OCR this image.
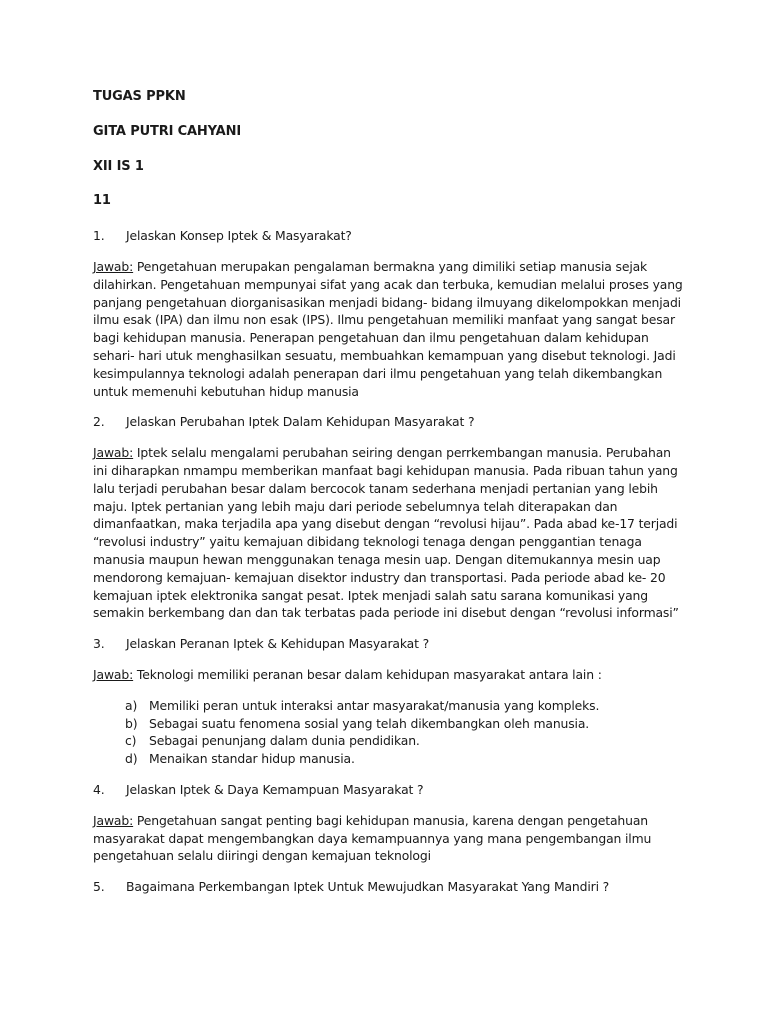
TUGAS PPKN
GITA PUTRI CAHYANI
XII IS 1
11
1.	Jelaskan Konsep Iptek & Masyarakat?
Jawab: Pengetahuan merupakan pengalaman bermakna yang dimiliki setiap manusia sejak dilahirkan. Pengetahuan mempunyai sifat yang acak dan terbuka, kemudian melalui proses yang panjang pengetahuan diorganisasikan menjadi bidang- bidang ilmuyang dikelompokkan menjadi ilmu esak (IPA) dan ilmu non esak (IPS). Ilmu pengetahuan memiliki manfaat yang sangat besar bagi kehidupan manusia. Penerapan pengetahuan dan ilmu pengetahuan dalam kehidupan sehari- hari utuk menghasilkan sesuatu, membuahkan kemampuan yang disebut teknologi. Jadi kesimpulannya teknologi adalah penerapan dari ilmu pengetahuan yang telah dikembangkan untuk memenuhi kebutuhan hidup manusia
2.	Jelaskan Perubahan Iptek Dalam Kehidupan Masyarakat ?
Jawab: Iptek selalu mengalami perubahan seiring dengan perrkembangan manusia. Perubahan ini diharapkan nmampu memberikan manfaat bagi kehidupan manusia. Pada ribuan tahun yang lalu terjadi perubahan besar dalam bercocok tanam sederhana menjadi pertanian yang lebih maju. Iptek pertanian yang lebih maju dari periode sebelumnya telah diterapakan dan dimanfaatkan, maka terjadila apa yang disebut dengan “revolusi hijau”. Pada abad ke-17 terjadi “revolusi industry” yaitu kemajuan dibidang teknologi tenaga dengan penggantian tenaga manusia maupun hewan menggunakan tenaga mesin uap. Dengan ditemukannya mesin uap mendorong kemajuan- kemajuan disektor industry dan transportasi. Pada periode abad ke- 20 kemajuan iptek elektronika sangat pesat. Iptek menjadi salah satu sarana komunikasi yang semakin berkembang dan dan tak terbatas pada periode ini disebut dengan “revolusi informasi”
3.	Jelaskan Peranan Iptek & Kehidupan Masyarakat ?
Jawab: Teknologi memiliki peranan besar dalam kehidupan masyarakat antara lain :
a) Memiliki peran untuk interaksi antar masyarakat/manusia yang kompleks.
b) Sebagai suatu fenomena sosial yang telah dikembangkan oleh manusia.
c)	Sebagai penunjang dalam dunia pendidikan.
d) Menaikan standar hidup manusia.
4.	Jelaskan Iptek & Daya Kemampuan Masyarakat ?
Jawab: Pengetahuan sangat penting bagi kehidupan manusia, karena dengan pengetahuan masyarakat dapat mengembangkan daya kemampuannya yang mana pengembangan ilmu pengetahuan selalu diiringi dengan kemajuan teknologi
5.	Bagaimana Perkembangan Iptek Untuk Mewujudkan Masyarakat Yang Mandiri ?
